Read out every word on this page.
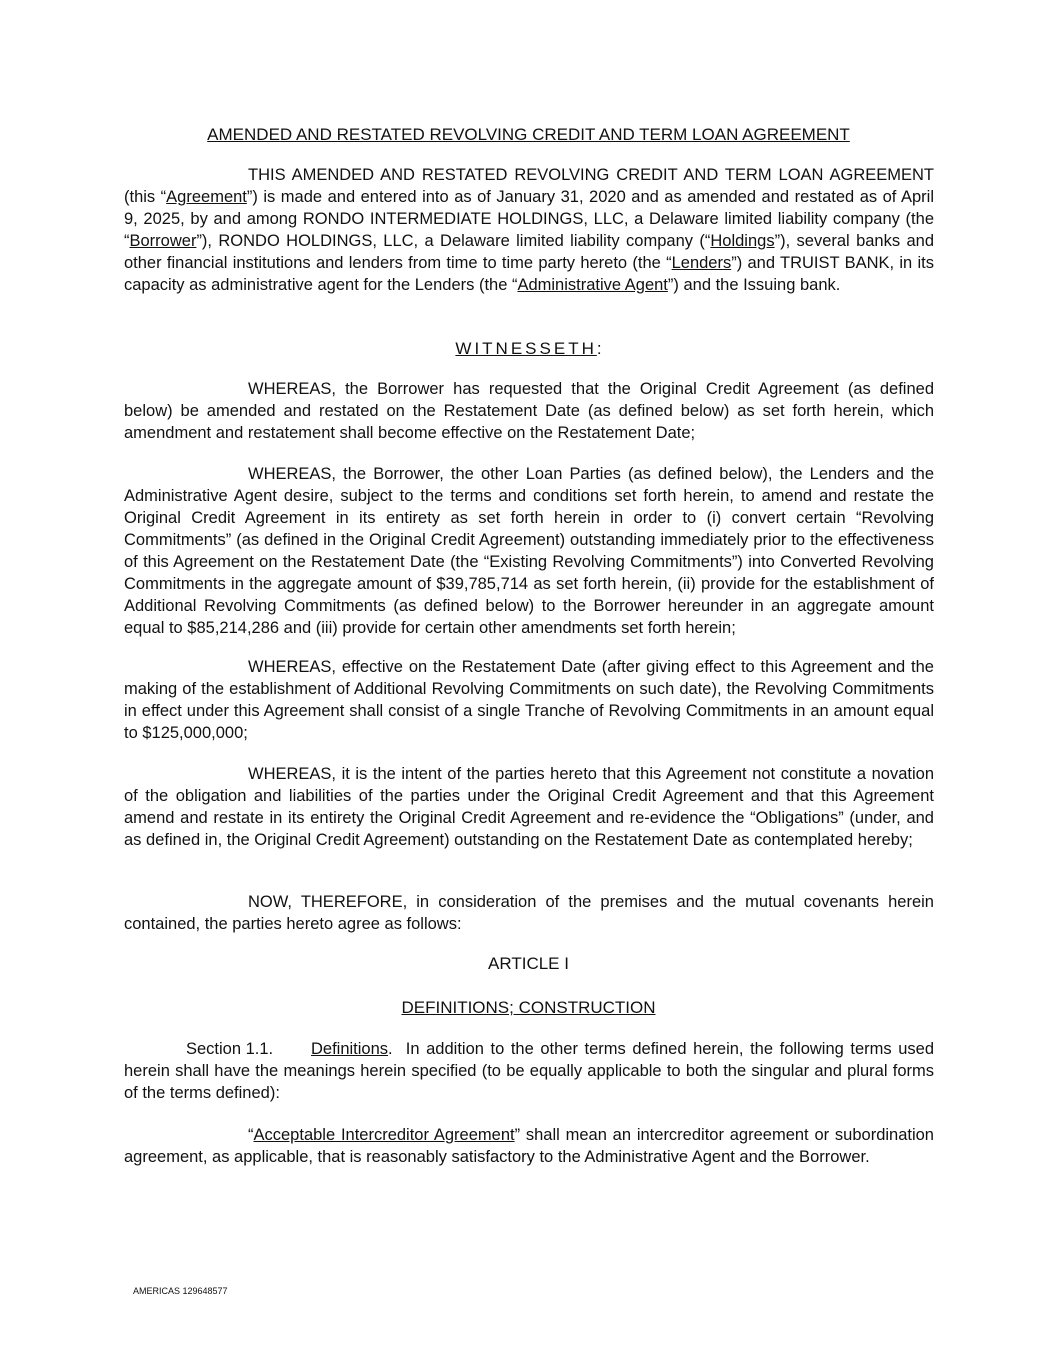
AMENDED AND RESTATED REVOLVING CREDIT AND TERM LOAN AGREEMENT

THIS AMENDED AND RESTATED REVOLVING CREDIT AND TERM LOAN AGREEMENT (this “Agreement”) is made and entered into as of January 31, 2020 and as amended and restated as of April 9, 2025, by and among RONDO INTERMEDIATE HOLDINGS, LLC, a Delaware limited liability company (the “Borrower”), RONDO HOLDINGS, LLC, a Delaware limited liability company (“Holdings”), several banks and other financial institutions and lenders from time to time party hereto (the “Lenders”) and TRUIST BANK, in its capacity as administrative agent for the Lenders (the “Administrative Agent”) and the Issuing bank.

WITNESSETH:

WHEREAS, the Borrower has requested that the Original Credit Agreement (as defined below) be amended and restated on the Restatement Date (as defined below) as set forth herein, which amendment and restatement shall become effective on the Restatement Date;

WHEREAS, the Borrower, the other Loan Parties (as defined below), the Lenders and the Administrative Agent desire, subject to the terms and conditions set forth herein, to amend and restate the Original Credit Agreement in its entirety as set forth herein in order to (i) convert certain “Revolving Commitments” (as defined in the Original Credit Agreement) outstanding immediately prior to the effectiveness of this Agreement on the Restatement Date (the “Existing Revolving Commitments”) into Converted Revolving Commitments in the aggregate amount of $39,785,714 as set forth herein, (ii) provide for the establishment of Additional Revolving Commitments (as defined below) to the Borrower hereunder in an aggregate amount equal to $85,214,286 and (iii) provide for certain other amendments set forth herein;

WHEREAS, effective on the Restatement Date (after giving effect to this Agreement and the making of the establishment of Additional Revolving Commitments on such date), the Revolving Commitments in effect under this Agreement shall consist of a single Tranche of Revolving Commitments in an amount equal to $125,000,000;

WHEREAS, it is the intent of the parties hereto that this Agreement not constitute a novation of the obligation and liabilities of the parties under the Original Credit Agreement and that this Agreement amend and restate in its entirety the Original Credit Agreement and re-evidence the “Obligations” (under, and as defined in, the Original Credit Agreement) outstanding on the Restatement Date as contemplated hereby;

NOW, THEREFORE, in consideration of the premises and the mutual covenants herein contained, the parties hereto agree as follows:

ARTICLE I
DEFINITIONS; CONSTRUCTION

Section 1.1. Definitions.  In addition to the other terms defined herein, the following terms used herein shall have the meanings herein specified (to be equally applicable to both the singular and plural forms of the terms defined):

“Acceptable Intercreditor Agreement” shall mean an intercreditor agreement or subordination agreement, as applicable, that is reasonably satisfactory to the Administrative Agent and the Borrower.

AMERICAS 129648577
